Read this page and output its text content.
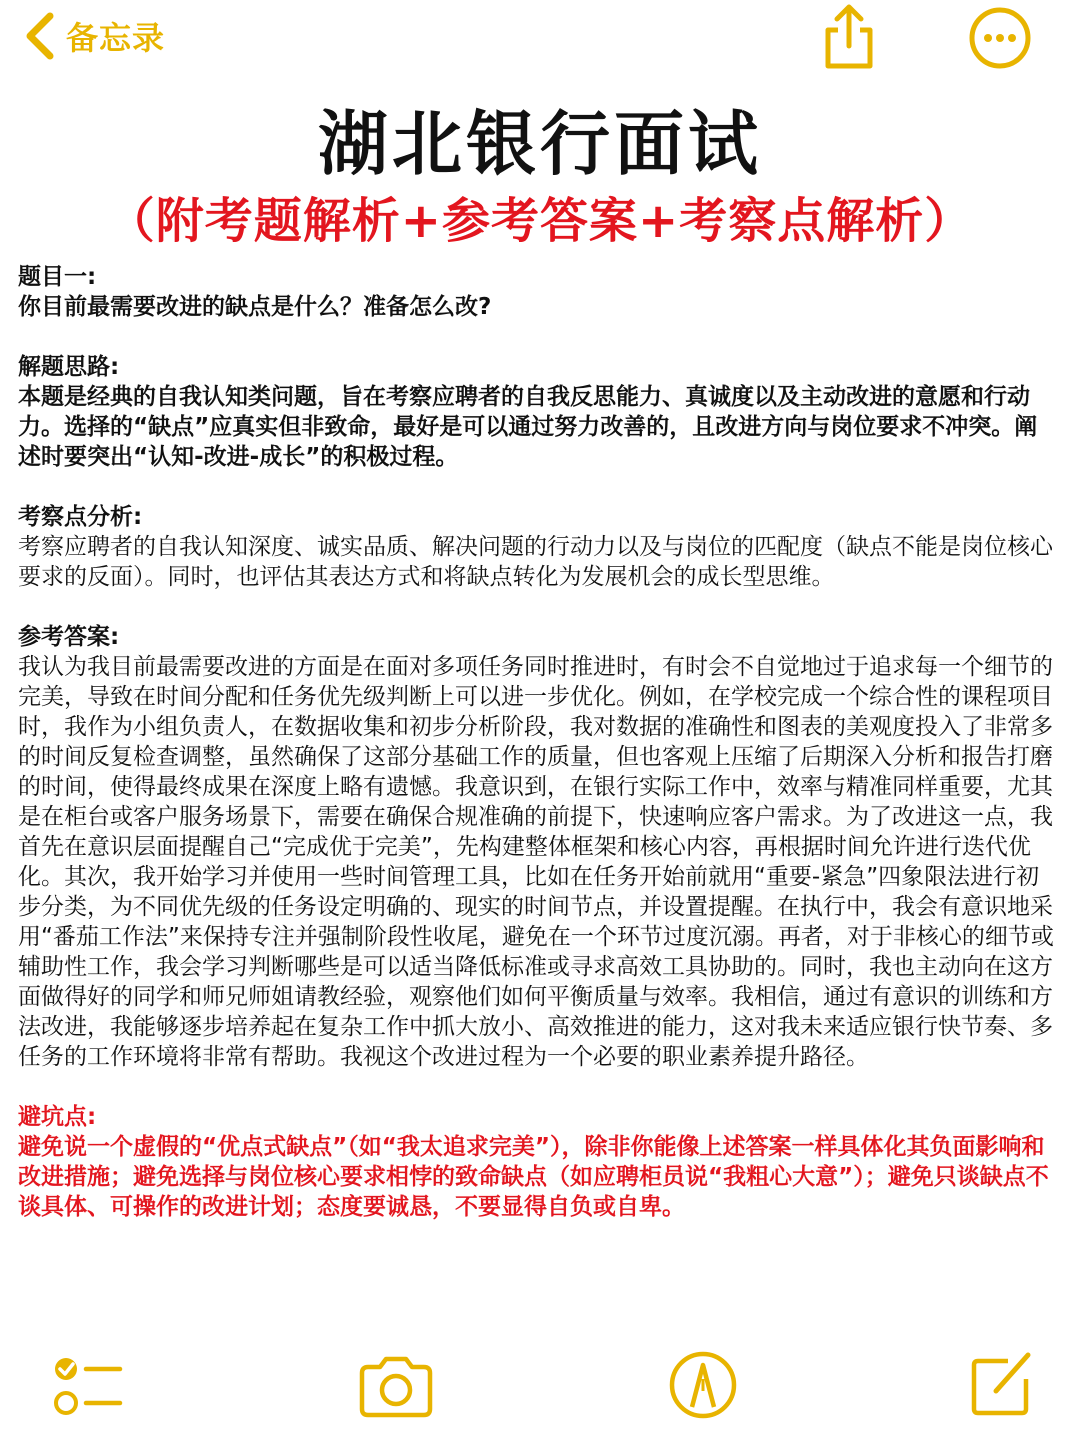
备忘录
湖北银行面试
（附考题解析+参考答案+考察点解析）
题目一:
你目前最需要改进的缺点是什么？准备怎么改?
解题思路:
本题是经典的自我认知类问题，旨在考察应聘者的自我反思能力、真诚度以及主动改进的意愿和行动力。选择的“缺点”应真实但非致命，最好是可以通过努力改善的，且改进方向与岗位要求不冲突。阐述时要突出“认知-改进-成长”的积极过程。
考察点分析:
考察应聘者的自我认知深度、诚实品质、解决问题的行动力以及与岗位的匹配度（缺点不能是岗位核心要求的反面）。同时，也评估其表达方式和将缺点转化为发展机会的成长型思维。
参考答案:
我认为我目前最需要改进的方面是在面对多项任务同时推进时，有时会不自觉地过于追求每一个细节的完美，导致在时间分配和任务优先级判断上可以进一步优化。例如，在学校完成一个综合性的课程项目时，我作为小组负责人，在数据收集和初步分析阶段，我对数据的准确性和图表的美观度投入了非常多的时间反复检查调整，虽然确保了这部分基础工作的质量，但也客观上压缩了后期深入分析和报告打磨的时间，使得最终成果在深度上略有遗憾。我意识到，在银行实际工作中，效率与精准同样重要，尤其是在柜台或客户服务场景下，需要在确保合规准确的前提下，快速响应客户需求。为了改进这一点，我首先在意识层面提醒自己“完成优于完美”，先构建整体框架和核心内容，再根据时间允许进行迭代优化。其次，我开始学习并使用一些时间管理工具，比如在任务开始前就用“重要-紧急”四象限法进行初步分类，为不同优先级的任务设定明确的、现实的时间节点，并设置提醒。在执行中，我会有意识地采用“番茄工作法”来保持专注并强制阶段性收尾，避免在一个环节过度沉溺。再者，对于非核心的细节或辅助性工作，我会学习判断哪些是可以适当降低标准或寻求高效工具协助的。同时，我也主动向在这方面做得好的同学和师兄师姐请教经验，观察他们如何平衡质量与效率。我相信，通过有意识的训练和方法改进，我能够逐步培养起在复杂工作中抓大放小、高效推进的能力，这对我未来适应银行快节奏、多任务的工作环境将非常有帮助。我视这个改进过程为一个必要的职业素养提升路径。
避坑点:
避免说一个虚假的“优点式缺点”（如“我太追求完美”），除非你能像上述答案一样具体化其负面影响和改进措施；避免选择与岗位核心要求相悖的致命缺点（如应聘柜员说“我粗心大意”）；避免只谈缺点不谈具体、可操作的改进计划；态度要诚恳，不要显得自负或自卑。
